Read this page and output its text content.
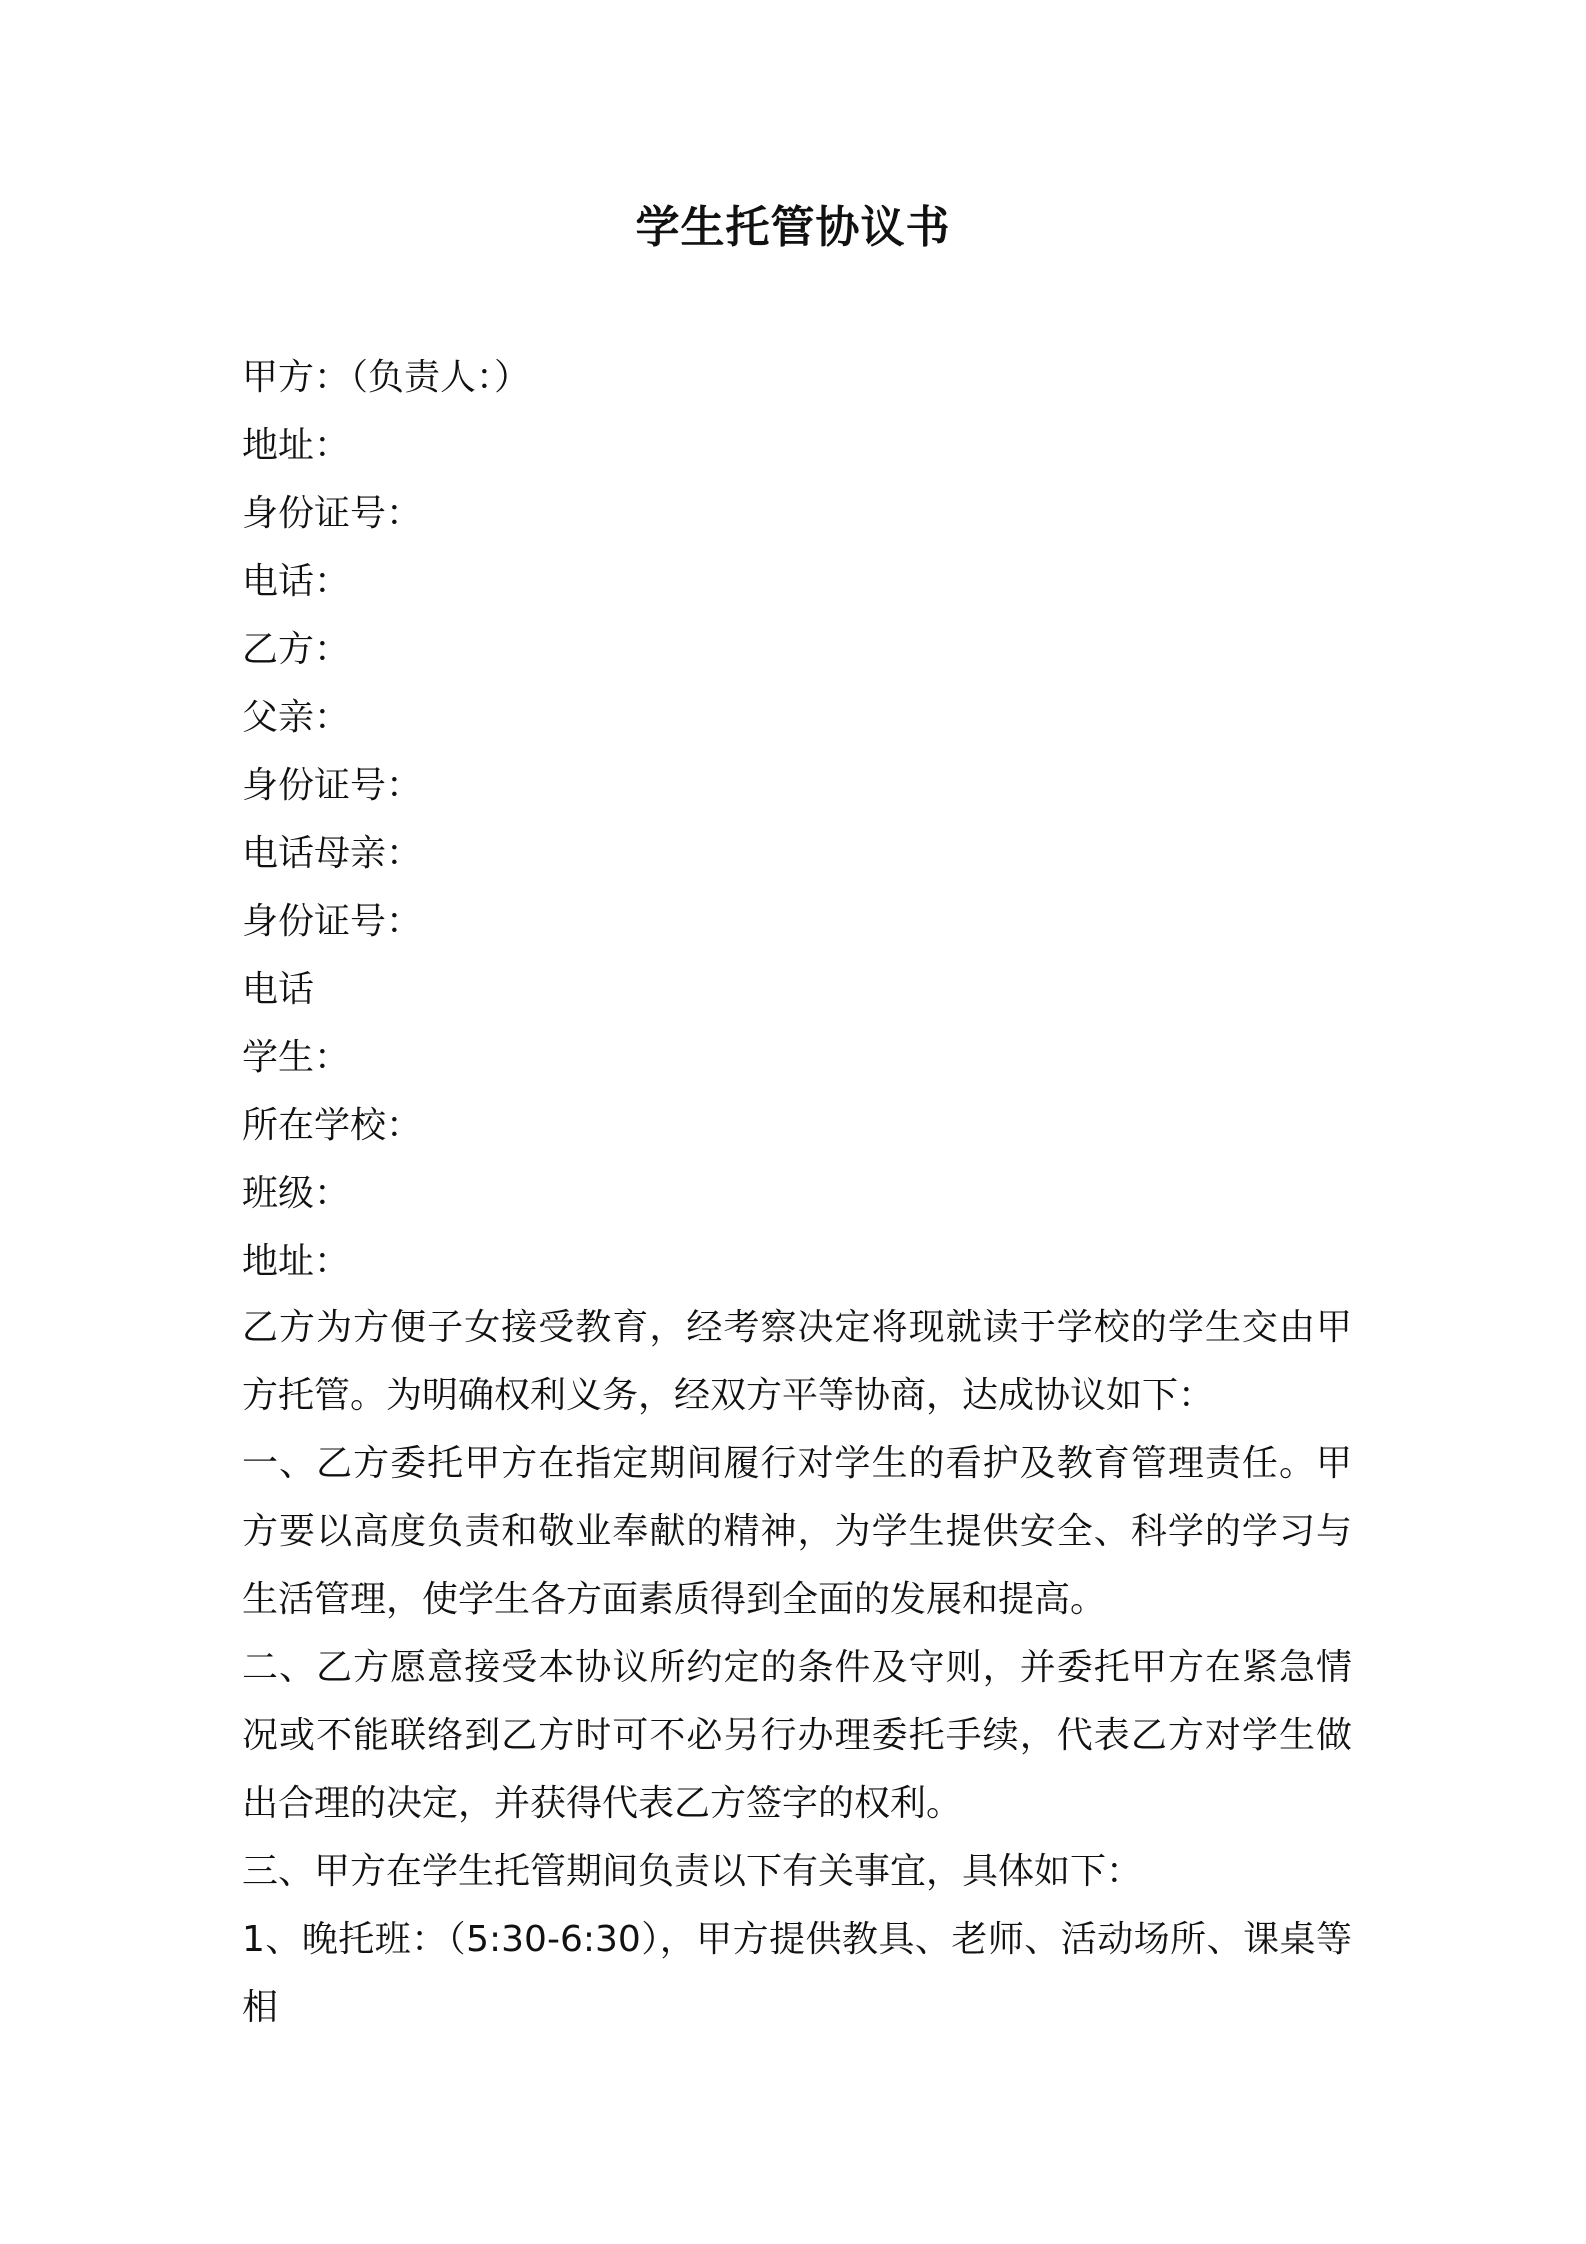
学生托管协议书
甲方：（负责人：）
地址：
身份证号：
电话：
乙方：
父亲：
身份证号：
电话母亲：
身份证号：
电话
学生：
所在学校：
班级：
地址：
乙方为方便子女接受教育，经考察决定将现就读于学校的学生交由甲方托管。为明确权利义务，经双方平等协商，达成协议如下：
一、乙方委托甲方在指定期间履行对学生的看护及教育管理责任。甲方要以高度负责和敬业奉献的精神，为学生提供安全、科学的学习与生活管理，使学生各方面素质得到全面的发展和提高。
二、乙方愿意接受本协议所约定的条件及守则，并委托甲方在紧急情况或不能联络到乙方时可不必另行办理委托手续，代表乙方对学生做出合理的决定，并获得代表乙方签字的权利。
三、甲方在学生托管期间负责以下有关事宜，具体如下：
1、晚托班：（5:30-6:30），甲方提供教具、老师、活动场所、课桌等相
